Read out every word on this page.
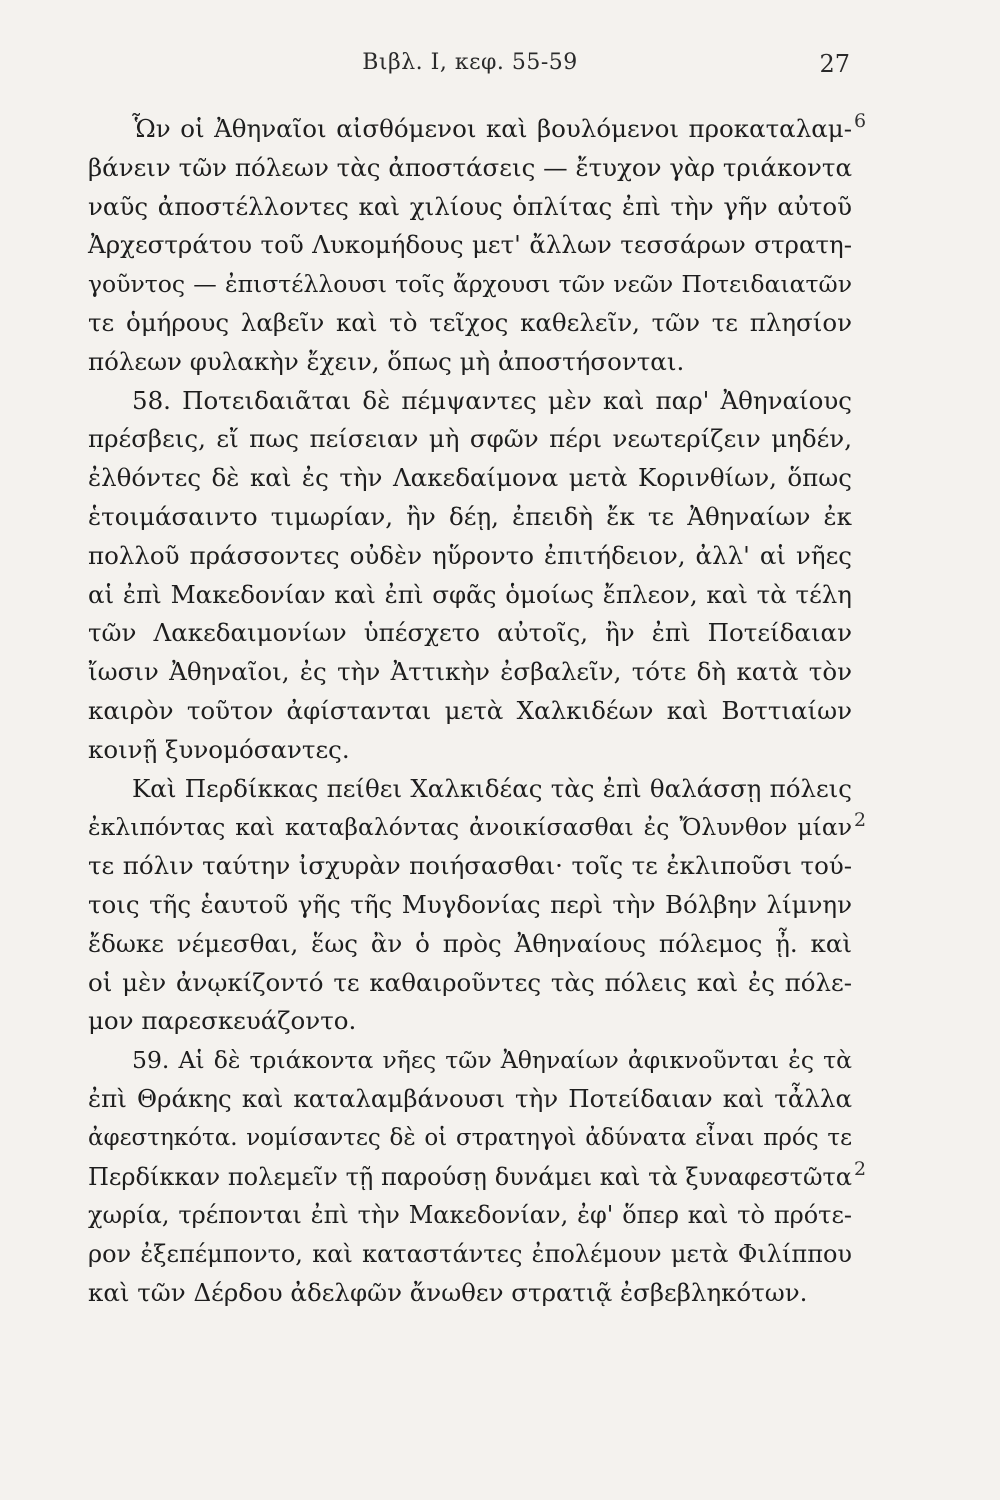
Βιβλ. Ι, κεφ. 55-59	27
Ὧν οἱ Ἀθηναῖοι αἰσθόμενοι καὶ βουλόμενοι προκαταλαμ-
βάνειν τῶν πόλεων τὰς ἀποστάσεις — ἔτυχον γὰρ τριάκοντα
ναῦς ἀποστέλλοντες καὶ χιλίους ὁπλίτας ἐπὶ τὴν γῆν αὐτοῦ
Ἀρχεστράτου τοῦ Λυκομήδους μετ' ἄλλων τεσσάρων στρατη-
γοῦντος — ἐπιστέλλουσι τοῖς ἄρχουσι τῶν νεῶν Ποτειδαιατῶν
τε ὁμήρους λαβεῖν καὶ τὸ τεῖχος καθελεῖν, τῶν τε πλησίον
πόλεων φυλακὴν ἔχειν, ὅπως μὴ ἀποστήσονται.
58. Ποτειδαιᾶται δὲ πέμψαντες μὲν καὶ παρ' Ἀθηναίους
πρέσβεις, εἴ πως πείσειαν μὴ σφῶν πέρι νεωτερίζειν μηδέν,
ἐλθόντες δὲ καὶ ἐς τὴν Λακεδαίμονα μετὰ Κορινθίων, ὅπως
ἑτοιμάσαιντο τιμωρίαν, ἢν δέῃ, ἐπειδὴ ἔκ τε Ἀθηναίων ἐκ
πολλοῦ πράσσοντες οὐδὲν ηὕροντο ἐπιτήδειον, ἀλλ' αἱ νῆες
αἱ ἐπὶ Μακεδονίαν καὶ ἐπὶ σφᾶς ὁμοίως ἔπλεον, καὶ τὰ τέλη
τῶν Λακεδαιμονίων ὑπέσχετο αὐτοῖς, ἢν ἐπὶ Ποτείδαιαν
ἴωσιν Ἀθηναῖοι, ἐς τὴν Ἀττικὴν ἐσβαλεῖν, τότε δὴ κατὰ τὸν
καιρὸν τοῦτον ἀφίστανται μετὰ Χαλκιδέων καὶ Βοττιαίων
κοινῇ ξυνομόσαντες.
Καὶ Περδίκκας πείθει Χαλκιδέας τὰς ἐπὶ θαλάσσῃ πόλεις
ἐκλιπόντας καὶ καταβαλόντας ἀνοικίσασθαι ἐς Ὄλυνθον μίαν
τε πόλιν ταύτην ἰσχυρὰν ποιήσασθαι· τοῖς τε ἐκλιποῦσι τού-
τοις τῆς ἑαυτοῦ γῆς τῆς Μυγδονίας περὶ τὴν Βόλβην λίμνην
ἔδωκε νέμεσθαι, ἕως ἂν ὁ πρὸς Ἀθηναίους πόλεμος ᾖ. καὶ
οἱ μὲν ἀνῳκίζοντό τε καθαιροῦντες τὰς πόλεις καὶ ἐς πόλε-
μον παρεσκευάζοντο.
59. Αἱ δὲ τριάκοντα νῆες τῶν Ἀθηναίων ἀφικνοῦνται ἐς τὰ
ἐπὶ Θράκης καὶ καταλαμβάνουσι τὴν Ποτείδαιαν καὶ τἆλλα
ἀφεστηκότα. νομίσαντες δὲ οἱ στρατηγοὶ ἀδύνατα εἶναι πρός τε
Περδίκκαν πολεμεῖν τῇ παρούσῃ δυνάμει καὶ τὰ ξυναφεστῶτα
χωρία, τρέπονται ἐπὶ τὴν Μακεδονίαν, ἐφ' ὅπερ καὶ τὸ πρότε-
ρον ἐξεπέμποντο, καὶ καταστάντες ἐπολέμουν μετὰ Φιλίππου
καὶ τῶν Δέρδου ἀδελφῶν ἄνωθεν στρατιᾷ ἐσβεβληκότων.
6
2
2
